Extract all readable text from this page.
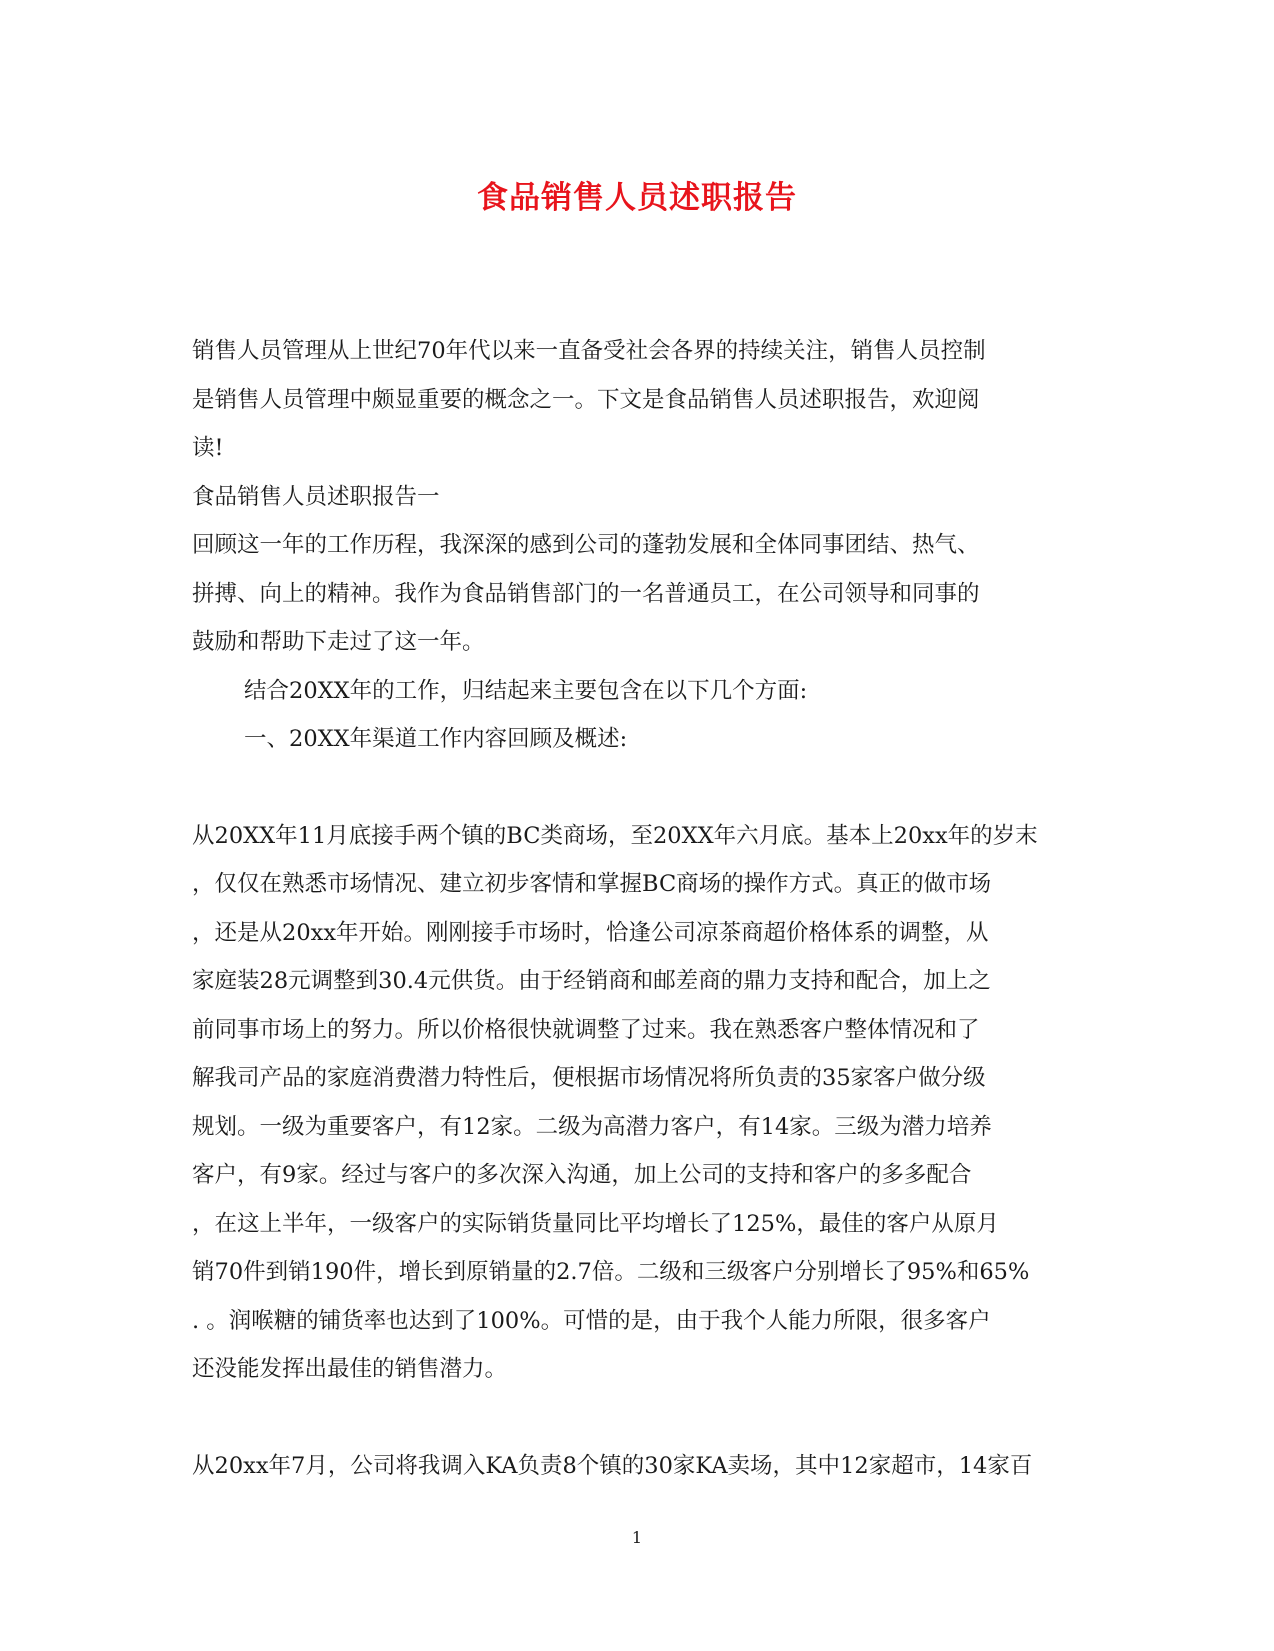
食品销售人员述职报告
销售人员管理从上世纪70年代以来一直备受社会各界的持续关注，销售人员控制
是销售人员管理中颇显重要的概念之一。下文是食品销售人员述职报告，欢迎阅
读!
食品销售人员述职报告一
回顾这一年的工作历程，我深深的感到公司的蓬勃发展和全体同事团结、热气、
拼搏、向上的精神。我作为食品销售部门的一名普通员工，在公司领导和同事的
鼓励和帮助下走过了这一年。
结合20XX年的工作，归结起来主要包含在以下几个方面:
一、20XX年渠道工作内容回顾及概述:
从20XX年11月底接手两个镇的BC类商场，至20XX年六月底。基本上20xx年的岁末
，仅仅在熟悉市场情况、建立初步客情和掌握BC商场的操作方式。真正的做市场
，还是从20xx年开始。刚刚接手市场时，恰逢公司凉茶商超价格体系的调整，从
家庭装28元调整到30.4元供货。由于经销商和邮差商的鼎力支持和配合，加上之
前同事市场上的努力。所以价格很快就调整了过来。我在熟悉客户整体情况和了
解我司产品的家庭消费潜力特性后，便根据市场情况将所负责的35家客户做分级
规划。一级为重要客户，有12家。二级为高潜力客户，有14家。三级为潜力培养
客户，有9家。经过与客户的多次深入沟通，加上公司的支持和客户的多多配合
，在这上半年，一级客户的实际销货量同比平均增长了125%，最佳的客户从原月
销70件到销190件，增长到原销量的2.7倍。二级和三级客户分别增长了95%和65%
. 。润喉糖的铺货率也达到了100%。可惜的是，由于我个人能力所限，很多客户
还没能发挥出最佳的销售潜力。
从20xx年7月，公司将我调入KA负责8个镇的30家KA卖场，其中12家超市，14家百
1
